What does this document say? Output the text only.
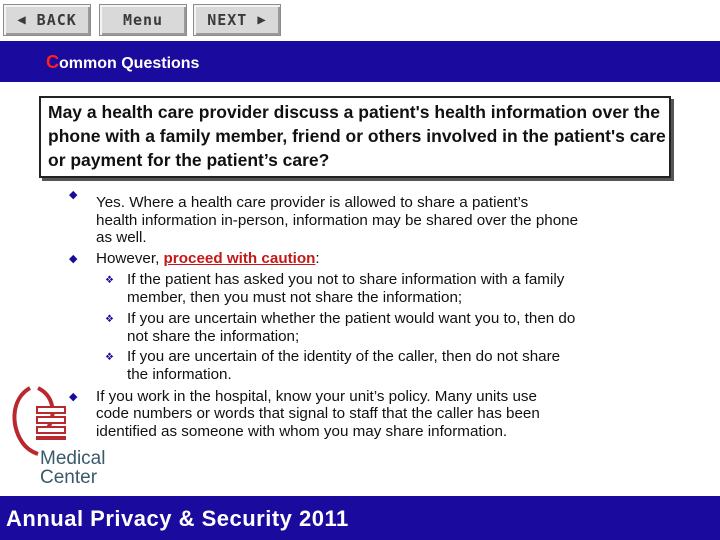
◀
BACK	Menu	NEXT
▶
Common Questions
May a health care provider discuss a patient's health information over the phone with a family member, friend or others involved in the patient's care or payment for the patient’s care?
◆ Yes. Where a health care provider is allowed to share a patient’s
health information in-person, information may be shared over the phone
as well.
◆ However, proceed with caution:
❖ If the patient has asked you not to share information with a family
member, then you must not share the information;
❖ If you are uncertain whether the patient would want you to, then do
not share the information;
❖ If you are uncertain of the identity of the caller, then do not share
the information.
◆ If you work in the hospital, know your unit’s policy. Many units use
code numbers or words that signal to staff that the caller has been
identified as someone with whom you may share information.
Medical
Center
Annual Privacy & Security 2011
